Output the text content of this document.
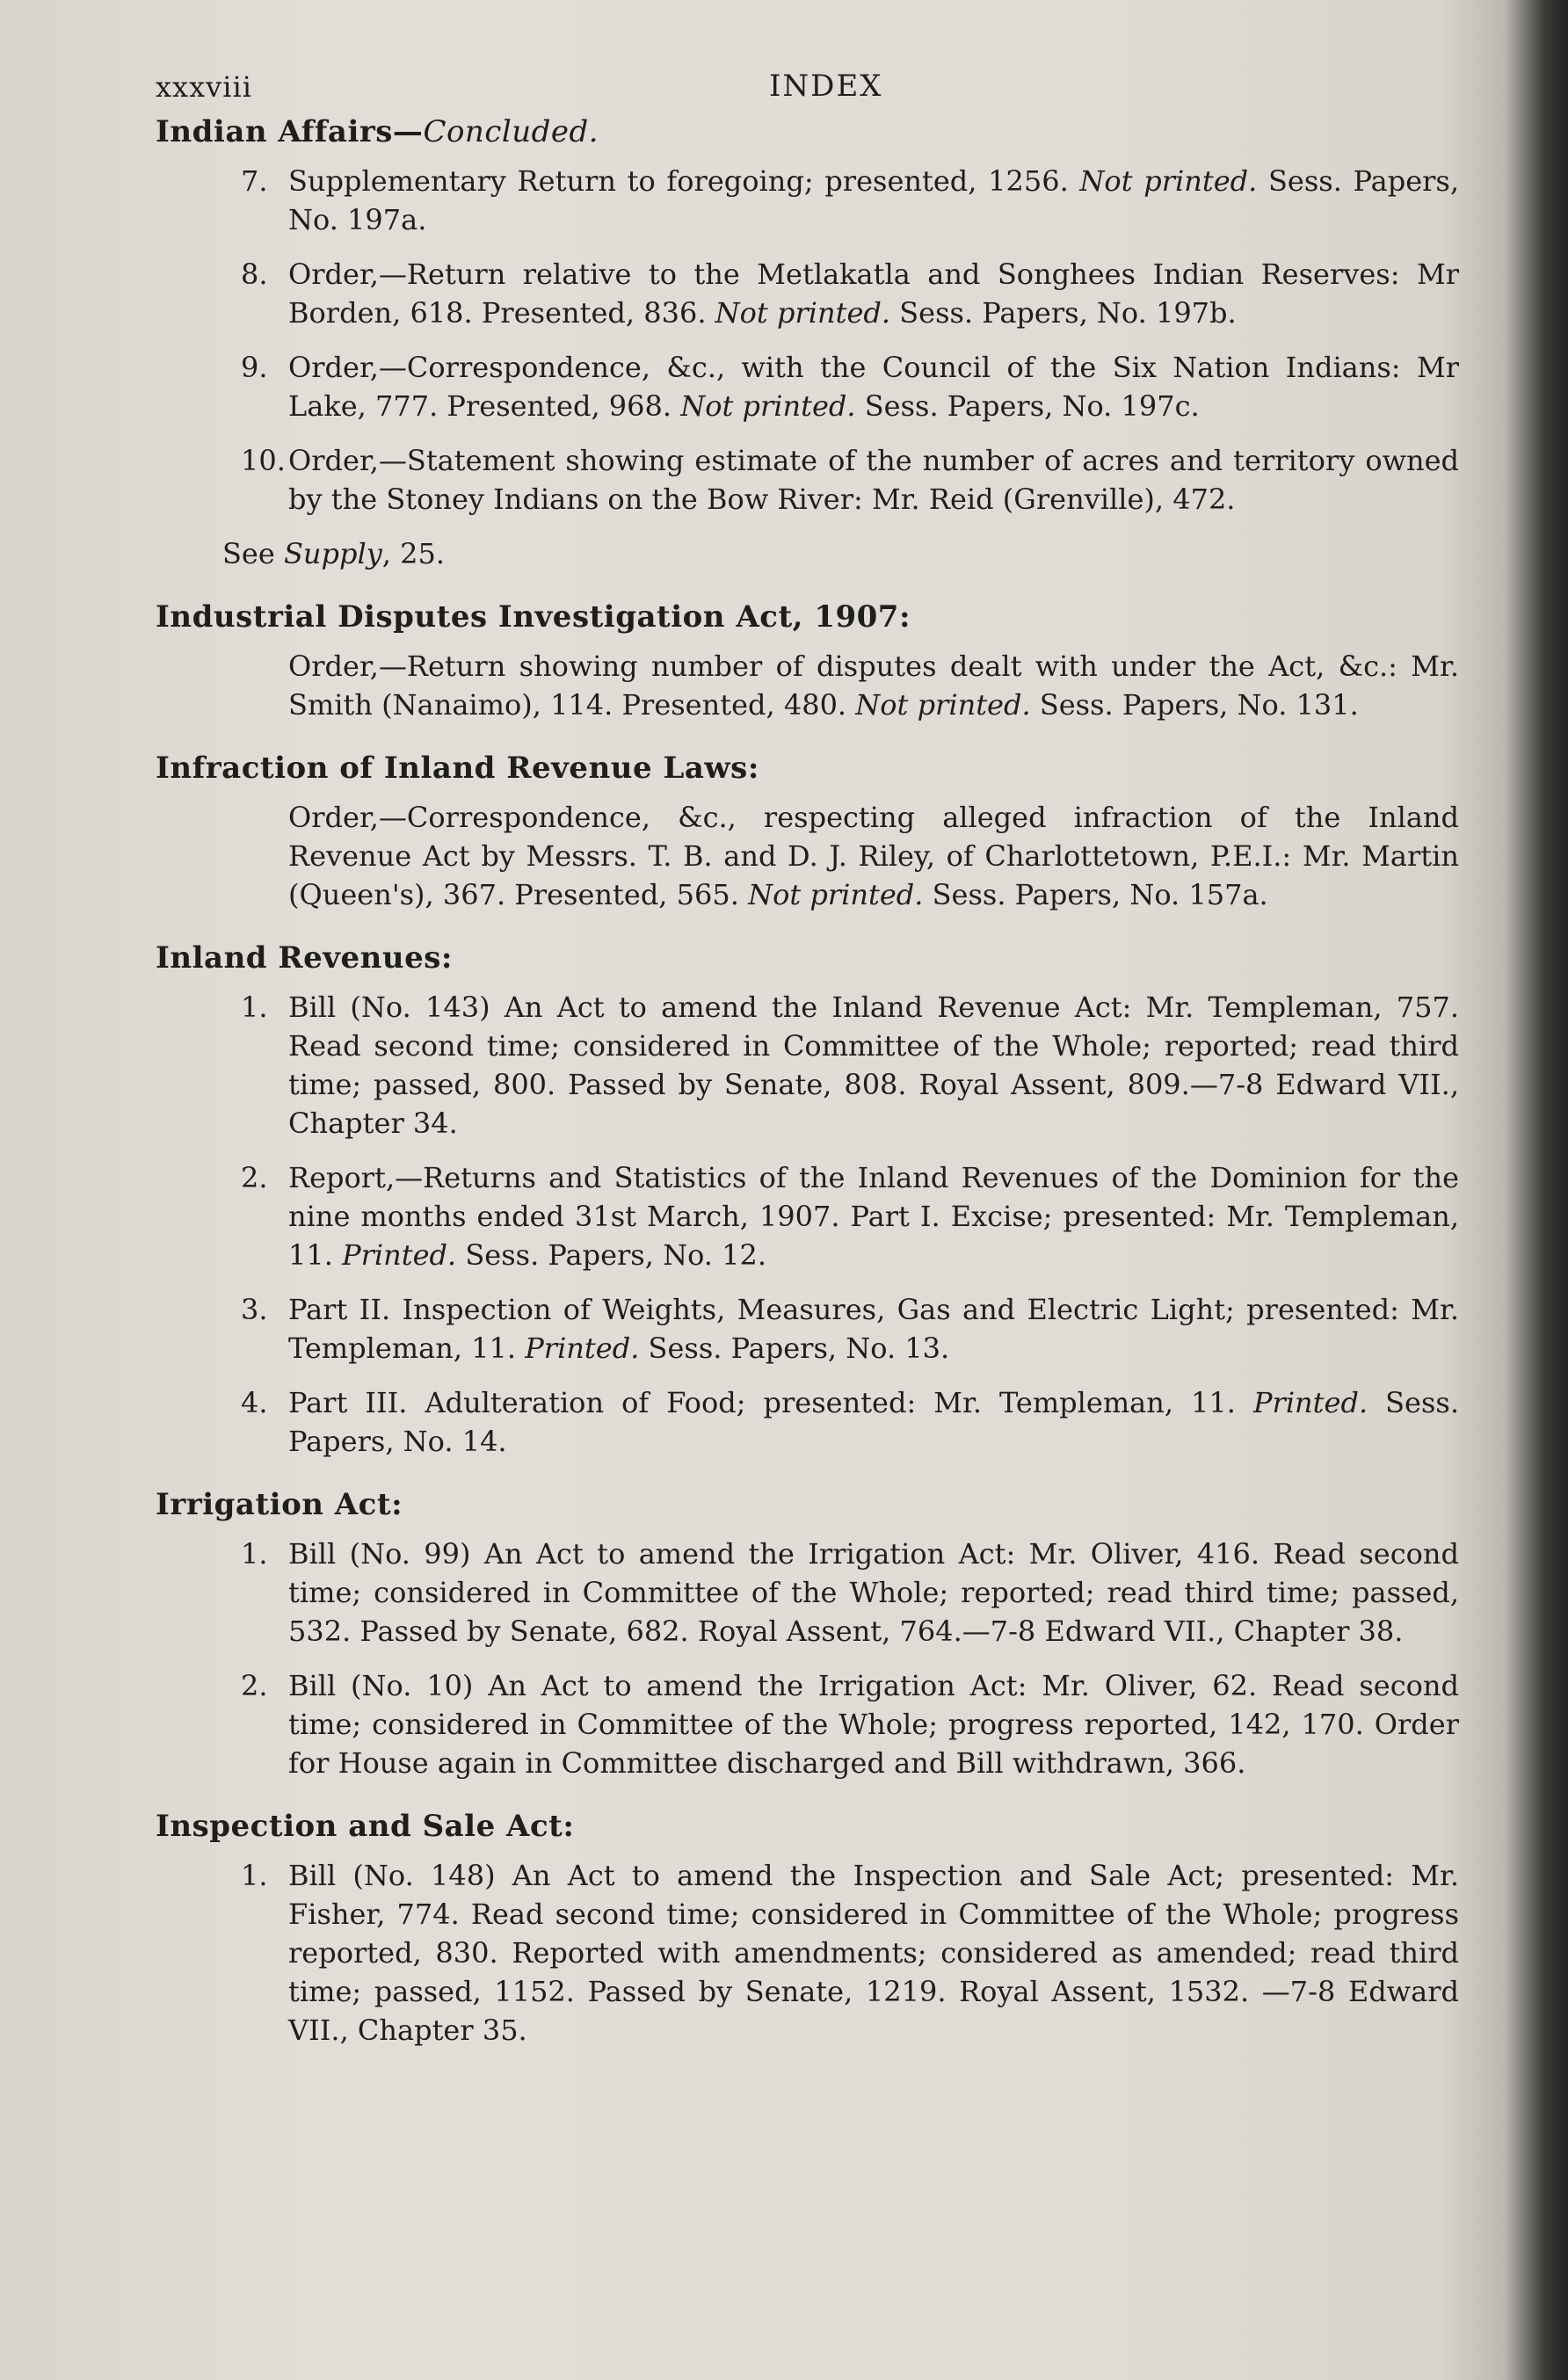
xxxviii	INDEX
Indian Affairs—Concluded.
7. Supplementary Return to foregoing; presented, 1256. Not printed. Sess. Papers, No. 197a.
8. Order,—Return relative to the Metlakatla and Songhees Indian Reserves: Mr Borden, 618. Presented, 836. Not printed. Sess. Papers, No. 197b.
9. Order,—Correspondence, &c., with the Council of the Six Nation Indians: Mr Lake, 777. Presented, 968. Not printed. Sess. Papers, No. 197c.
10.Order,—Statement showing estimate of the number of acres and territory owned by the Stoney Indians on the Bow River: Mr. Reid (Grenville), 472.
See Supply, 25.
Industrial Disputes Investigation Act, 1907:
Order,—Return showing number of disputes dealt with under the Act, &c.: Mr. Smith (Nanaimo), 114. Presented, 480. Not printed. Sess. Papers, No. 131.
Infraction of Inland Revenue Laws:
Order,—Correspondence, &c., respecting alleged infraction of the Inland Revenue Act by Messrs. T. B. and D. J. Riley, of Charlottetown, P.E.I.: Mr. Martin (Queen's), 367. Presented, 565. Not printed. Sess. Papers, No. 157a.
Inland Revenues:
1. Bill (No. 143) An Act to amend the Inland Revenue Act: Mr. Templeman, 757. Read second time; considered in Committee of the Whole; reported; read third time; passed, 800. Passed by Senate, 808. Royal Assent, 809.—7-8 Edward VII., Chapter 34.
2. Report,—Returns and Statistics of the Inland Revenues of the Dominion for the nine months ended 31st March, 1907. Part I. Excise; presented: Mr. Templeman, 11. Printed. Sess. Papers, No. 12.
3. Part II. Inspection of Weights, Measures, Gas and Electric Light; presented: Mr. Templeman, 11. Printed. Sess. Papers, No. 13.
4. Part III. Adulteration of Food; presented: Mr. Templeman, 11. Printed. Sess. Papers, No. 14.
Irrigation Act:
1. Bill (No. 99) An Act to amend the Irrigation Act: Mr. Oliver, 416. Read second time; considered in Committee of the Whole; reported; read third time; passed, 532. Passed by Senate, 682. Royal Assent, 764.—7-8 Edward VII., Chapter 38.
2. Bill (No. 10) An Act to amend the Irrigation Act: Mr. Oliver, 62. Read second time; considered in Committee of the Whole; progress reported, 142, 170. Order for House again in Committee discharged and Bill withdrawn, 366.
Inspection and Sale Act:
1. Bill (No. 148) An Act to amend the Inspection and Sale Act; presented: Mr. Fisher, 774. Read second time; considered in Committee of the Whole; progress reported, 830. Reported with amendments; considered as amended; read third time; passed, 1152. Passed by Senate, 1219. Royal Assent, 1532. —7-8 Edward VII., Chapter 35.
